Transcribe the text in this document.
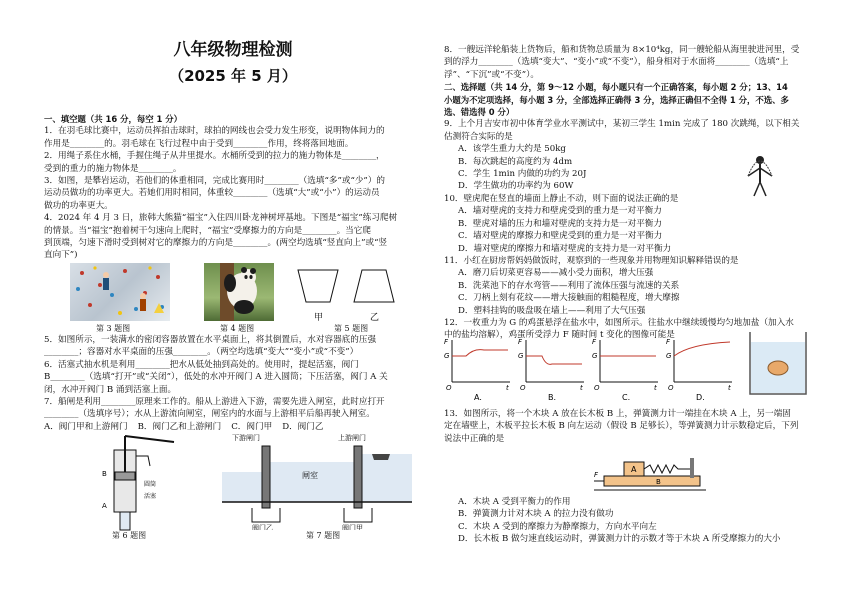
八年级物理检测
（2025 年 5 月）

一、填空题（共 16 分，每空 1 分）

1．在羽毛球比赛中，运动员挥拍击球时，球拍的网线也会受力发生形变，说明物体间力的

作用是________的。羽毛球在飞行过程中由于受到________作用，终将落回地面。

2．用绳子系住水桶，手握住绳子从井里提水。水桶所受到的拉力的施力物体是________，

受到的重力的施力物体是________。

3．如图，是攀岩运动，若他们的体重相同，完成比赛用时________（选填“多”或“少”）的

运动员做功的功率更大。若她们用时相同，体重较________（选填“大”或“小”）的运动员

做功的功率更大。

4．2024 年 4 月 3 日，旅韩大熊猫“福宝”入住四川卧龙神树坪基地。下图是“福宝”练习爬树

的情景。当“福宝”抱着树干匀速向上爬时，“福宝”受摩擦力的方向是________。当它爬

到顶端，匀速下滑时受到树对它的摩擦力的方向是________。(两空均选填“竖直向上”或“竖

直向下”)

第 3 题图	第 4 题图
甲	乙
第 5 题图

5．如图所示，一装满水的密闭容器放置在水平桌面上，将其倒置后，水对容器底的压强

________；容器对水平桌面的压强________。（两空均选填“变大”“变小”或“不变”）

6．活塞式抽水机是利用________把水从低处抽到高处的。使用时，提起活塞，阀门

B________（选填“打开”或“关闭”），低处的水冲开阀门 A 进入圆筒；下压活塞，阀门 A 关

闭，水冲开阀门 B 涌到活塞上面。

7．船闸是利用________原理来工作的。船从上游进入下游，需要先进入闸室，此时应打开

________（选填序号）；水从上游流向闸室，闸室内的水面与上游相平后船再驶入闸室。

A．阀门甲和上游闸门 B．阀门乙和上游闸门 C．阀门甲 D．阀门乙
B
A
圆筒
活塞
第 6 题图
下游闸门	上游闸门
闸室
阀门乙	阀门甲
第 7 题图

8．一艘远洋轮船装上货物后，船和货物总质量为 8×10⁴kg，同一艘轮船从海里驶进河里，受

到的浮力________（选填“变大”、“变小”或“不变”），船身相对于水面将________（选填“上

浮”、“下沉”或“不变”）。

二、选择题（共 14 分，第 9～12 小题，每小题只有一个正确答案，每小题 2 分；13、14

小题为不定项选择，每小题 3 分，全部选择正确得 3 分，选择正确但不全得 1 分，不选、多

选、错选得 0 分）

9．上个月吉安市初中体育学业水平测试中，某初三学生 1min 完成了 180 次跳绳，以下相关

估测符合实际的是

A．该学生重力大约是 50kg

B．每次跳起的高度约为 4dm

C．学生 1min 内做的功约为 20J

D．学生做功的功率约为 60W

10．壁虎爬在竖直的墙面上静止不动，则下面的说法正确的是

A．墙对壁虎的支持力和壁虎受到的重力是一对平衡力

B．壁虎对墙的压力和墙对壁虎的支持力是一对平衡力

C．墙对壁虎的摩擦力和壁虎受到的重力是一对平衡力

D．墙对壁虎的摩擦力和墙对壁虎的支持力是一对平衡力

11．小红在厨房帮妈妈做饭时，观察到的一些现象并用物理知识解释错误的是

A．磨刀后切菜更容易——减小受力面积，增大压强

B．洗菜池下的存水弯管——利用了流体压强与流速的关系

C．刀柄上刻有花纹——增大接触面的粗糙程度，增大摩擦

D．塑料挂钩的吸盘吸在墙上——利用了大气压强

12．一枚重力为 G 的鸡蛋悬浮在盐水中，如图所示。往盐水中继续缓慢均匀地加盐（加入水

中的盐均溶解），鸡蛋所受浮力 F 随时间 t 变化的图像可能是

F
G
O	t
A.
F
G
O	t
B.
F
G
O	t
C.
F
G
O	t
D.

13．如图所示，将一个木块 A 放在长木板 B 上，弹簧测力计一端挂在木块 A 上，另一端固

定在墙壁上，木板平拉长木板 B 向左运动（假设 B 足够长），等弹簧测力计示数稳定后，下列

说法中正确的是

A
B
F

A．木块 A 受到平衡力的作用

B．弹簧测力计对木块 A 的拉力没有做功

C．木块 A 受到的摩擦力为静摩擦力，方向水平向左

D．长木板 B 做匀速直线运动时，弹簧测力计的示数才等于木块 A 所受摩擦力的大小
